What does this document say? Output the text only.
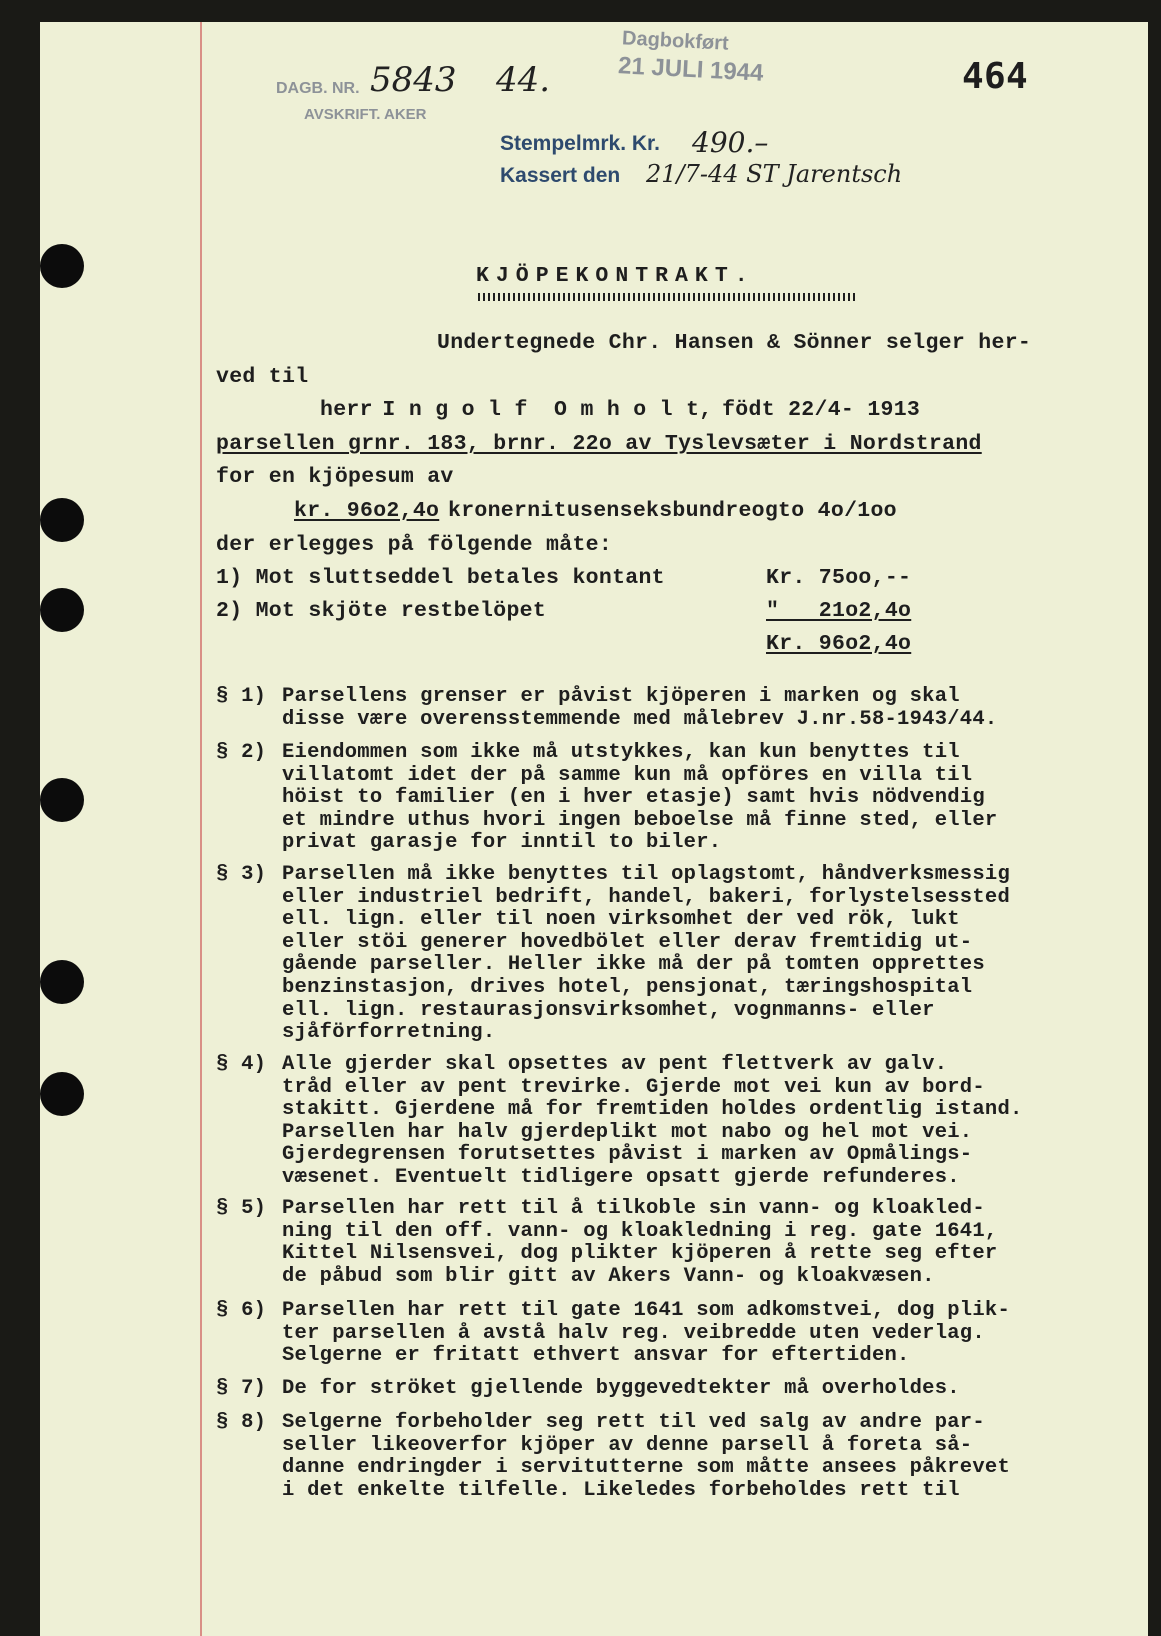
DAGB. NR. 5843 44.
AVSKRIFT. AKER
Dagbokført
21 JULI 1944	464
Stempelmrk. Kr. 490.–
Kassert den 21/7-44 ST Jarentsch
KJÖPEKONTRAKT.
Undertegnede Chr. Hansen & Sönner selger her-
ved til
herr I n g o l f  O m h o l t, födt 22/4- 1913
parsellen grnr. 183, brnr. 22o av Tyslevsæter i Nordstrand
for en kjöpesum av
kr. 96o2,4o kronernitusenseksbundreogto 4o/1oo
der erlegges på fölgende måte:
1) Mot sluttseddel betales kontant	Kr. 75oo,--
2) Mot skjöte restbelöpet	"   21o2,4o
Kr. 96o2,4o
§ 1) Parsellens grenser er påvist kjöperen i marken og skal
disse være overensstemmende med målebrev J.nr.58-1943/44.
§ 2) Eiendommen som ikke må utstykkes, kan kun benyttes til
villatomt idet der på samme kun må opföres en villa til
höist to familier (en i hver etasje) samt hvis nödvendig
et mindre uthus hvori ingen beboelse må finne sted, eller
privat garasje for inntil to biler.
§ 3) Parsellen må ikke benyttes til oplagstomt, håndverksmessig
eller industriel bedrift, handel, bakeri, forlystelsessted
ell. lign. eller til noen virksomhet der ved rök, lukt
eller stöi generer hovedbölet eller derav fremtidig ut-
gående parseller. Heller ikke må der på tomten opprettes
benzinstasjon, drives hotel, pensjonat, tæringshospital
ell. lign. restaurasjonsvirksomhet, vognmanns- eller
sjåförforretning.
§ 4) Alle gjerder skal opsettes av pent flettverk av galv.
tråd eller av pent trevirke. Gjerde mot vei kun av bord-
stakitt. Gjerdene må for fremtiden holdes ordentlig istand.
Parsellen har halv gjerdeplikt mot nabo og hel mot vei.
Gjerdegrensen forutsettes påvist i marken av Opmålings-
væsenet. Eventuelt tidligere opsatt gjerde refunderes.
§ 5) Parsellen har rett til å tilkoble sin vann- og kloakled-
ning til den off. vann- og kloakledning i reg. gate 1641,
Kittel Nilsensvei, dog plikter kjöperen å rette seg efter
de påbud som blir gitt av Akers Vann- og kloakvæsen.
§ 6) Parsellen har rett til gate 1641 som adkomstvei, dog plik-
ter parsellen å avstå halv reg. veibredde uten vederlag.
Selgerne er fritatt ethvert ansvar for eftertiden.
§ 7) De for ströket gjellende byggevedtekter må overholdes.
§ 8) Selgerne forbeholder seg rett til ved salg av andre par-
seller likeoverfor kjöper av denne parsell å foreta så-
danne endringder i servitutterne som måtte ansees påkrevet
i det enkelte tilfelle. Likeledes forbeholdes rett til
